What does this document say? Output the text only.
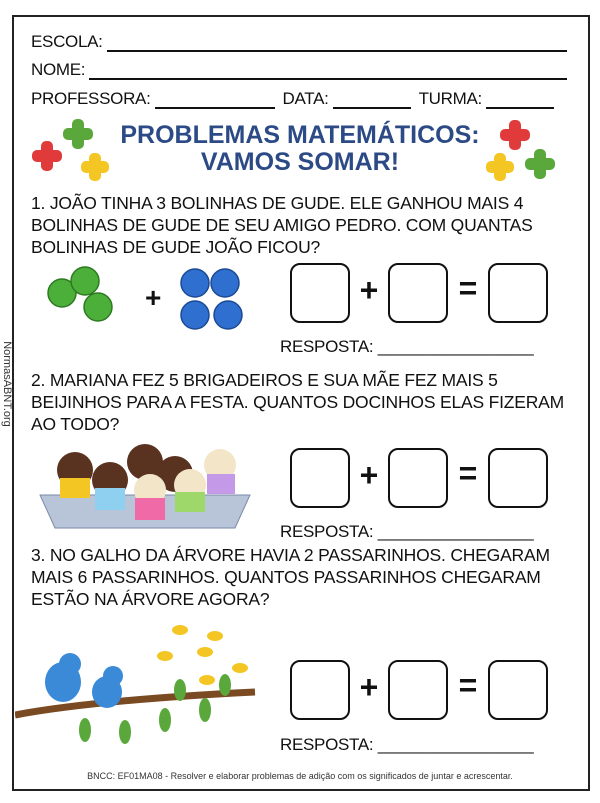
ESCOLA:
NOME:
PROFESSORA:	DATA:	TURMA:
PROBLEMAS MATEMÁTICOS:
VAMOS SOMAR!
1. JOÃO TINHA 3 BOLINHAS DE GUDE. ELE GANHOU MAIS 4 BOLINHAS DE GUDE DE SEU AMIGO PEDRO. COM QUANTAS BOLINHAS DE GUDE JOÃO FICOU?
+	+	=
RESPOSTA: _________________
2. MARIANA FEZ 5 BRIGADEIROS E SUA MÃE FEZ MAIS 5 BEIJINHOS PARA A FESTA. QUANTOS DOCINHOS ELAS FIZERAM AO TODO?
+	=
RESPOSTA: _________________
3. NO GALHO DA ÁRVORE HAVIA 2 PASSARINHOS. CHEGARAM MAIS 6 PASSARINHOS. QUANTOS PASSARINHOS CHEGARAM ESTÃO NA ÁRVORE AGORA?
+	=
RESPOSTA: _________________
NormasABNT.org
BNCC: EF01MA08 - Resolver e elaborar problemas de adição com os significados de juntar e acrescentar.
